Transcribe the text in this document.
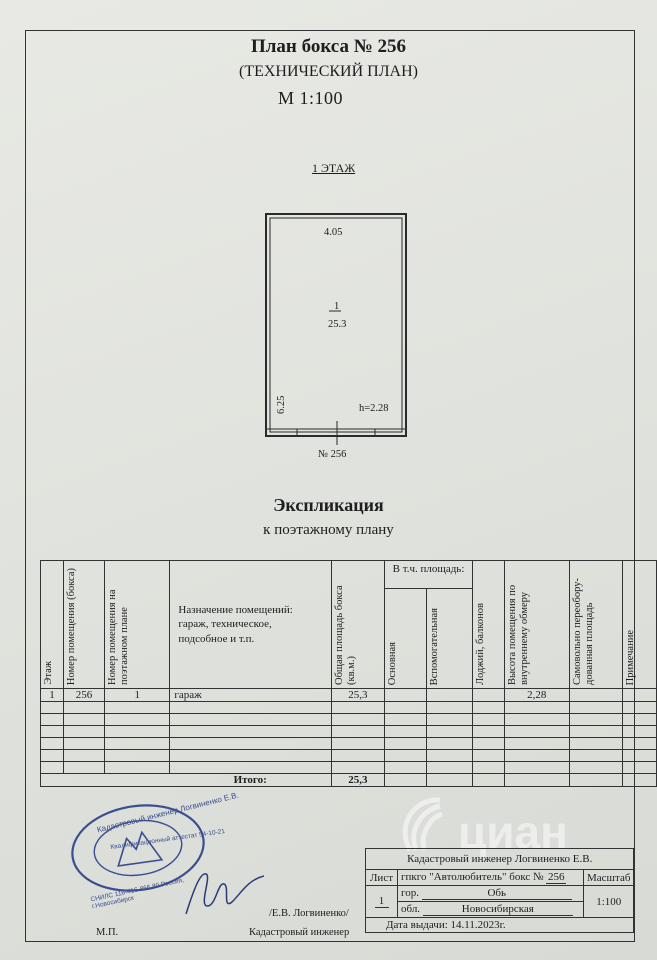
План бокса № 256
(ТЕХНИЧЕСКИЙ ПЛАН)
М 1:100
1 ЭТАЖ
4.05
1
25.3
6.25	h=2.28
№ 256
Экспликация
к поэтажному плану
Этаж	Номер помещения (бокса)	Номер помещения на поэтажном плане	Назначение помещений: гараж, техническое, подсобное и т.п.	Общая площадь бокса (кв.м.)	В т.ч. площадь:		Лоджий, балконов	Высота помещения по внутреннему обмеру	Самовольно переобору-дованная площадь	Примечание

					Основная	Вспомогательная				

1	256	1	гараж	25,3				2,28		

Итого:				25,3						
Кадастровый инженер Логвиненко Е.В.
Квалификационный аттестат 54-10-21
СНИЛС 116-416-866 80 Россия, г.Новосибирск
/Е.В. Логвиненко/
М.П.	Кадастровый инженер
циан
Кадастровый инженер Логвиненко Е.В.		
Лист	гпкго "Автолюбитель" бокс № 256	Масштаб
1	гор. Обь	1:100
	обл. Новосибирская	
Дата выдачи: 14.11.2023г.		
